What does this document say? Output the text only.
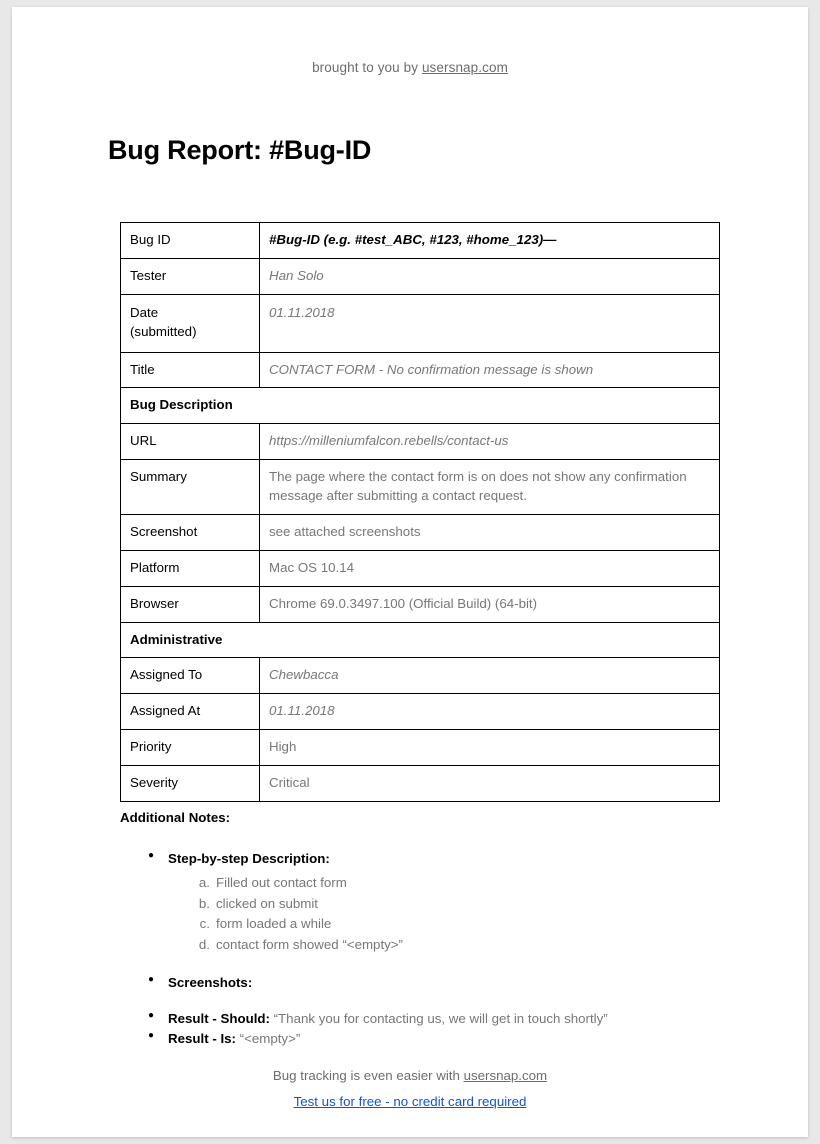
brought to you by usersnap.com
Bug Report: #Bug-ID
Bug ID	#Bug-ID (e.g. #test_ABC, #123, #home_123)—
Tester	Han Solo
Date
(submitted)	01.11.2018
Title	CONTACT FORM - No confirmation message is shown
Bug Description	
URL	https://milleniumfalcon.rebells/contact-us
Summary	The page where the contact form is on does not show any confirmation message after submitting a contact request.
Screenshot	see attached screenshots
Platform	Mac OS 10.14
Browser	Chrome 69.0.3497.100 (Official Build) (64-bit)
Administrative	
Assigned To	Chewbacca
Assigned At	01.11.2018
Priority	High
Severity	Critical
Additional Notes:
● Step-by-step Description:
a. Filled out contact form
b. clicked on submit
c. form loaded a while
d. contact form showed “<empty>”
● Screenshots:
● Result - Should: “Thank you for contacting us, we will get in touch shortly”
● Result - Is: “<empty>”
Bug tracking is even easier with usersnap.com
Test us for free - no credit card required
